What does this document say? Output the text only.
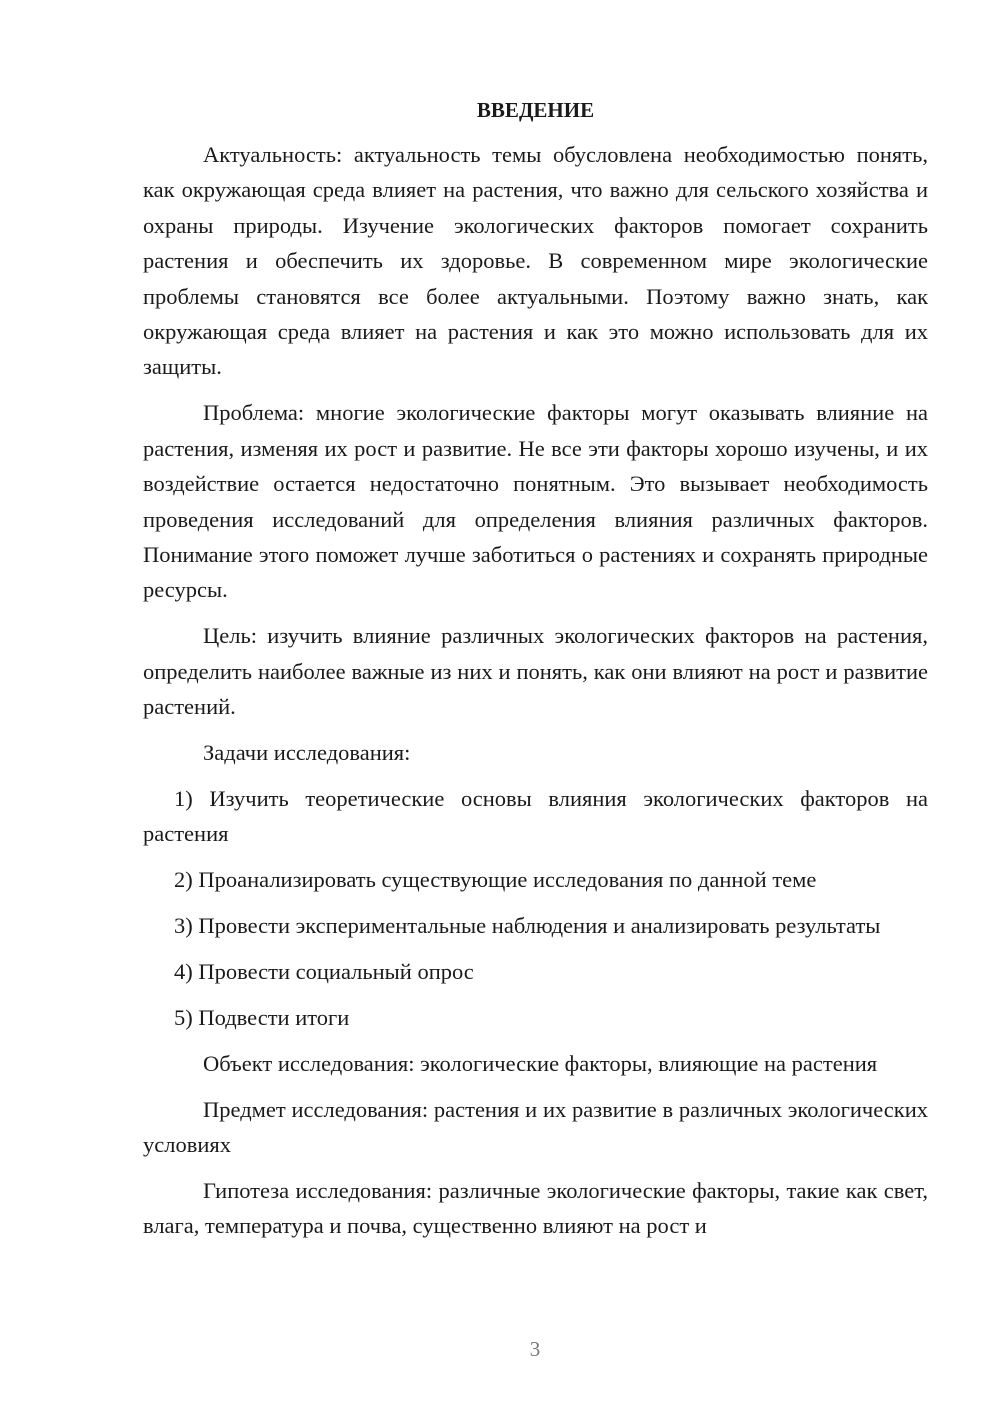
ВВЕДЕНИЕ

Актуальность: актуальность темы обусловлена необходимостью понять, как окружающая среда влияет на растения, что важно для сельского хозяйства и охраны природы. Изучение экологических факторов помогает сохранить растения и обеспечить их здоровье. В современном мире экологические проблемы становятся все более актуальными. Поэтому важно знать, как окружающая среда влияет на растения и как это можно использовать для их защиты.

Проблема: многие экологические факторы могут оказывать влияние на растения, изменяя их рост и развитие. Не все эти факторы хорошо изучены, и их воздействие остается недостаточно понятным. Это вызывает необходимость проведения исследований для определения влияния различных факторов. Понимание этого поможет лучше заботиться о растениях и сохранять природные ресурсы.

Цель: изучить влияние различных экологических факторов на растения, определить наиболее важные из них и понять, как они влияют на рост и развитие растений.

Задачи исследования:

1) Изучить теоретические основы влияния экологических факторов на растения

2) Проанализировать существующие исследования по данной теме

3) Провести экспериментальные наблюдения и анализировать результаты

4) Провести социальный опрос

5) Подвести итоги

Объект исследования: экологические факторы, влияющие на растения

Предмет исследования: растения и их развитие в различных экологических условиях

Гипотеза исследования: различные экологические факторы, такие как свет, влага, температура и почва, существенно влияют на рост и

3
